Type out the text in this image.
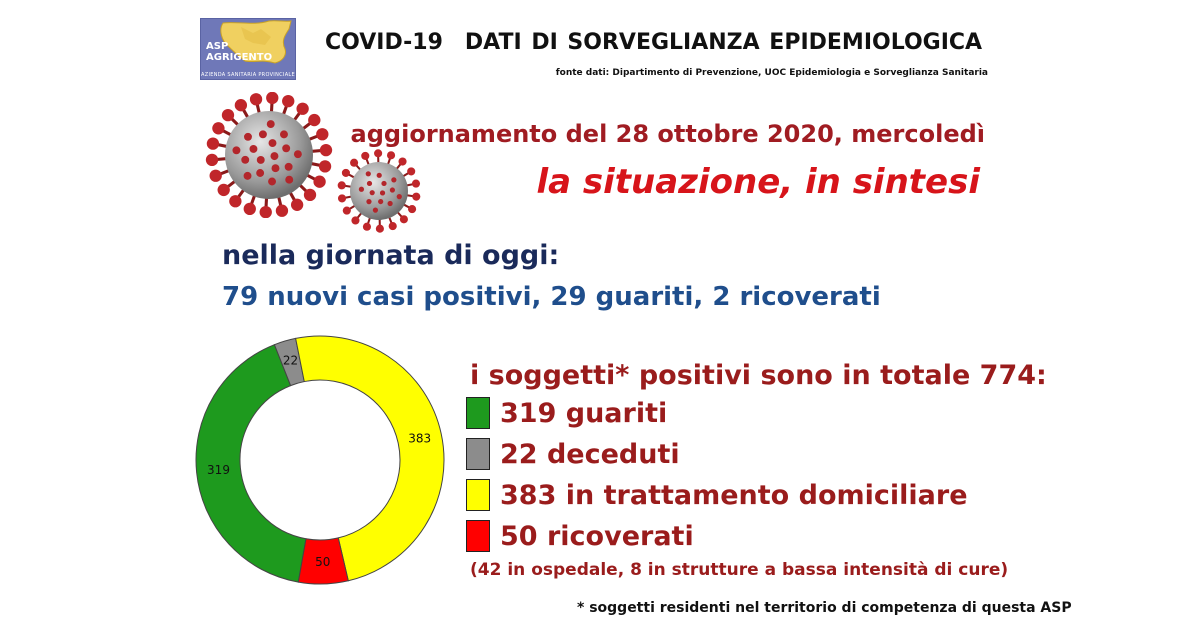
ASP
AGRIGENTO
AZIENDA SANITARIA PROVINCIALE
COVID-19 DATI DI SORVEGLIANZA EPIDEMIOLOGICA
fonte dati: Dipartimento di Prevenzione, UOC Epidemiologia e Sorveglianza Sanitaria
aggiornamento del 28 ottobre 2020, mercoledì
la situazione, in sintesi
nella giornata di oggi:
79 nuovi casi positivi, 29 guariti, 2 ricoverati
319
22
383
50
i soggetti* positivi sono in totale 774:
319 guariti
22 deceduti
383 in trattamento domiciliare
50 ricoverati
(42 in ospedale, 8 in strutture a bassa intensità di cure)
* soggetti residenti nel territorio di competenza di questa ASP
